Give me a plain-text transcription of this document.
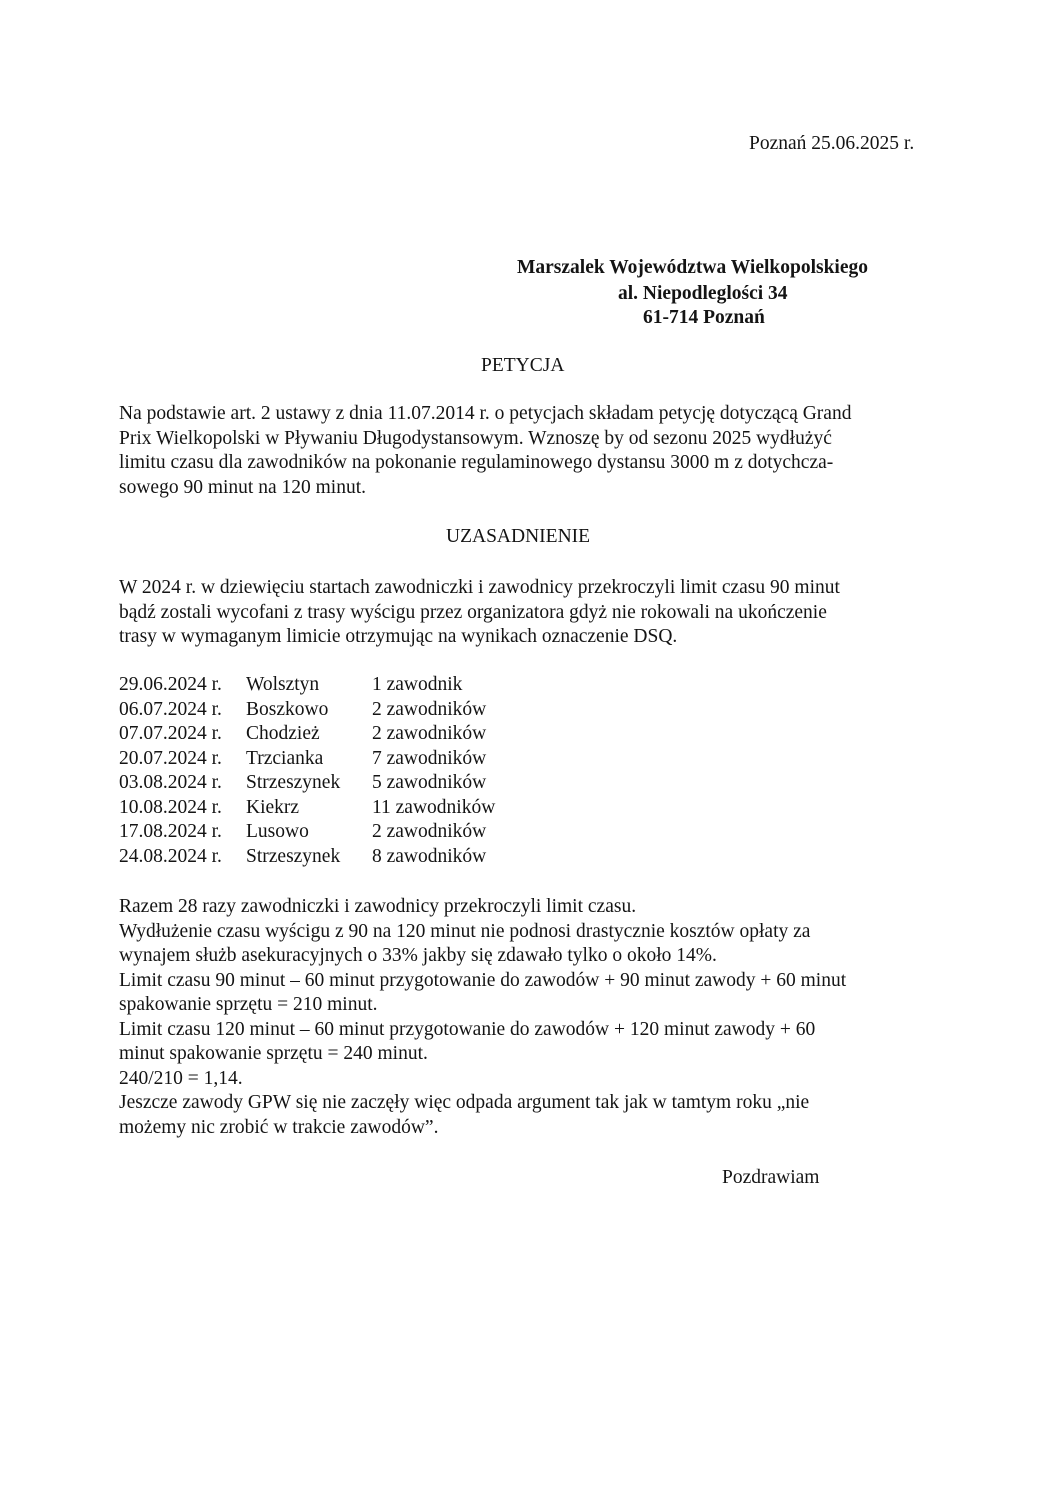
Poznań 25.06.2025 r.
Marszalek Województwa Wielkopolskiego
al. Niepodleglości 34
61-714 Poznań
PETYCJA
Na podstawie art. 2 ustawy z dnia 11.07.2014 r. o petycjach składam petycję dotyczącą Grand
Prix Wielkopolski w Pływaniu Długodystansowym. Wznoszę by od sezonu 2025 wydłużyć
limitu czasu dla zawodników na pokonanie regulaminowego dystansu 3000 m z dotychcza-
sowego 90 minut na 120 minut.
UZASADNIENIE
W 2024 r. w dziewięciu startach zawodniczki i zawodnicy przekroczyli limit czasu 90 minut
bądź zostali wycofani z trasy wyścigu przez organizatora gdyż nie rokowali na ukończenie
trasy w wymaganym limicie otrzymując na wynikach oznaczenie DSQ.
29.06.2024 r. Wolsztyn	1 zawodnik
06.07.2024 r. Boszkowo 2 zawodników
07.07.2024 r. Chodzież	2 zawodników
20.07.2024 r. Trzcianka 7 zawodników
03.08.2024 r. Strzeszynek 5 zawodników
10.08.2024 r. Kiekrz	11 zawodników
17.08.2024 r. Lusowo	2 zawodników
24.08.2024 r. Strzeszynek 8 zawodników
Razem 28 razy zawodniczki i zawodnicy przekroczyli limit czasu.
Wydłużenie czasu wyścigu z 90 na 120 minut nie podnosi drastycznie kosztów opłaty za
wynajem służb asekuracyjnych o 33% jakby się zdawało tylko o około 14%.
Limit czasu 90 minut – 60 minut przygotowanie do zawodów + 90 minut zawody + 60 minut
spakowanie sprzętu = 210 minut.
Limit czasu 120 minut – 60 minut przygotowanie do zawodów + 120 minut zawody + 60
minut spakowanie sprzętu = 240 minut.
240/210 = 1,14.
Jeszcze zawody GPW się nie zaczęły więc odpada argument tak jak w tamtym roku „nie
możemy nic zrobić w trakcie zawodów”.
Pozdrawiam
